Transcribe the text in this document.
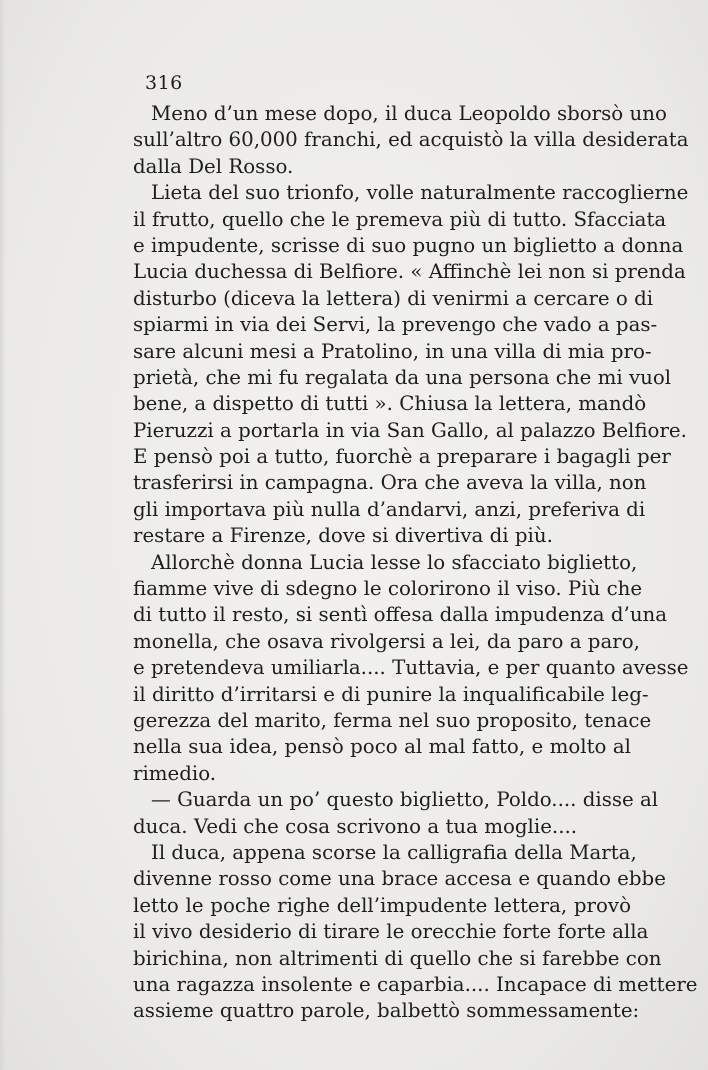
316
Meno d’un mese dopo, il duca Leopoldo sborsò uno
sull’altro 60,000 franchi, ed acquistò la villa desiderata
dalla Del Rosso.
Lieta del suo trionfo, volle naturalmente raccoglierne
il frutto, quello che le premeva più di tutto. Sfacciata
e impudente, scrisse di suo pugno un biglietto a donna
Lucia duchessa di Belfiore. « Affinchè lei non si prenda
disturbo (diceva la lettera) di venirmi a cercare o di
spiarmi in via dei Servi, la prevengo che vado a pas-
sare alcuni mesi a Pratolino, in una villa di mia pro-
prietà, che mi fu regalata da una persona che mi vuol
bene, a dispetto di tutti ». Chiusa la lettera, mandò
Pieruzzi a portarla in via San Gallo, al palazzo Belfiore.
E pensò poi a tutto, fuorchè a preparare i bagagli per
trasferirsi in campagna. Ora che aveva la villa, non
gli importava più nulla d’andarvi, anzi, preferiva di
restare a Firenze, dove si divertiva di più.
Allorchè donna Lucia lesse lo sfacciato biglietto,
fiamme vive di sdegno le colorirono il viso. Più che
di tutto il resto, si sentì offesa dalla impudenza d’una
monella, che osava rivolgersi a lei, da paro a paro,
e pretendeva umiliarla.... Tuttavia, e per quanto avesse
il diritto d’irritarsi e di punire la inqualificabile leg-
gerezza del marito, ferma nel suo proposito, tenace
nella sua idea, pensò poco al mal fatto, e molto al
rimedio.
— Guarda un po’ questo biglietto, Poldo.... disse al
duca. Vedi che cosa scrivono a tua moglie....
Il duca, appena scorse la calligrafia della Marta,
divenne rosso come una brace accesa e quando ebbe
letto le poche righe dell’impudente lettera, provò
il vivo desiderio di tirare le orecchie forte forte alla
birichina, non altrimenti di quello che si farebbe con
una ragazza insolente e caparbia.... Incapace di mettere
assieme quattro parole, balbettò sommessamente:
